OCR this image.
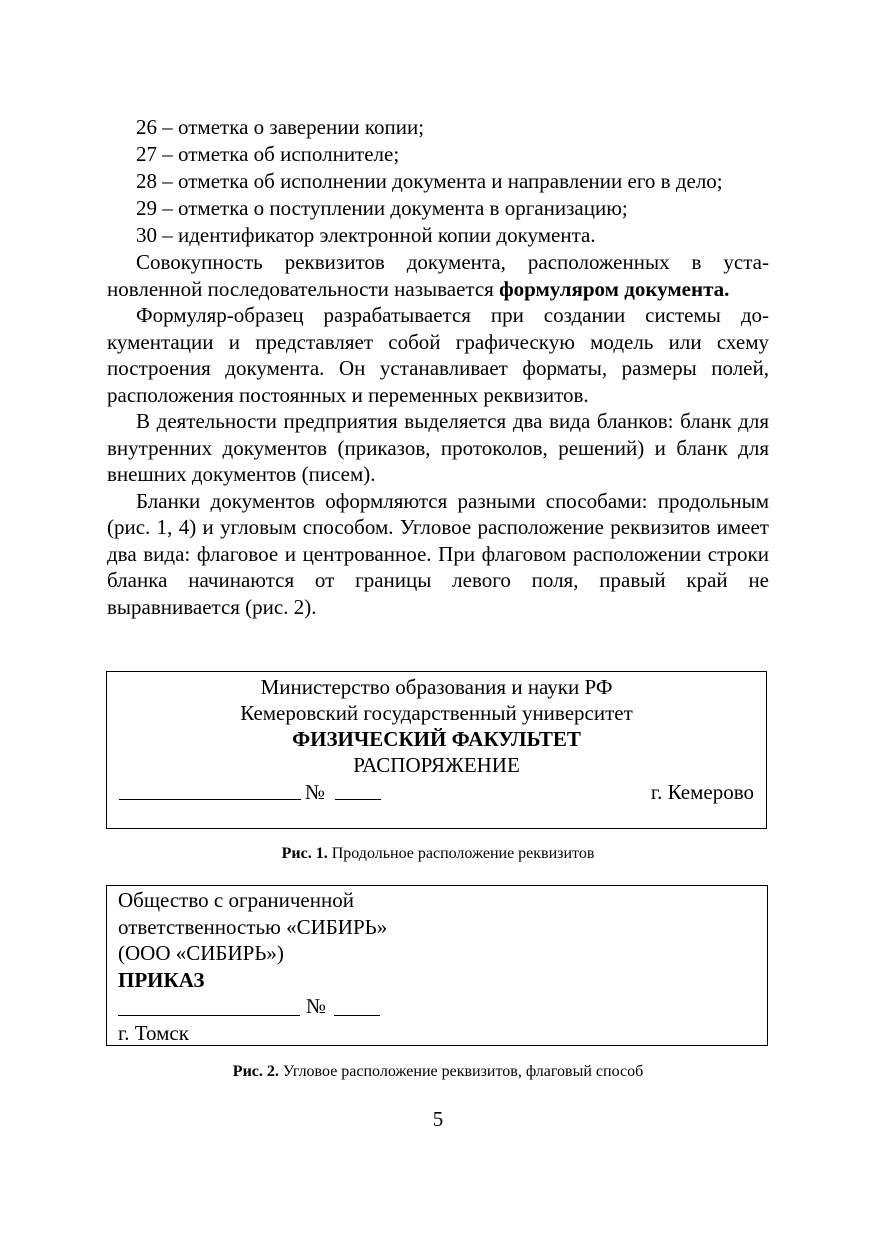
26 – отметка о заверении копии;
27 – отметка об исполнителе;
28 – отметка об исполнении документа и направлении его в дело;
29 – отметка о поступлении документа в организацию;
30 – идентификатор электронной копии документа.

Совокупность реквизитов документа, расположенных в установленной последовательности называется формуляром документа.

Формуляр-образец разрабатывается при создании системы документации и представляет собой графическую модель или схему построения документа. Он устанавливает форматы, размеры полей, расположения постоянных и переменных реквизитов.

В деятельности предприятия выделяется два вида бланков: бланк для внутренних документов (приказов, протоколов, решений) и бланк для внешних документов (писем).

Бланки документов оформляются разными способами: продольным (рис. 1, 4) и угловым способом. Угловое расположение реквизитов имеет два вида: флаговое и центрованное. При флаговом расположении строки бланка начинаются от границы левого поля, правый край не выравнивается (рис. 2).

Министерство образования и науки РФ
Кемеровский государственный университет
ФИЗИЧЕСКИЙ ФАКУЛЬТЕТ
РАСПОРЯЖЕНИЕ
№	г. Кемерово
Рис. 1. Продольное расположение реквизитов
Общество с ограниченной
ответственностью «СИБИРЬ»
(ООО «СИБИРЬ»)
ПРИКАЗ
№
г. Томск
Рис. 2. Угловое расположение реквизитов, флаговый способ
5
